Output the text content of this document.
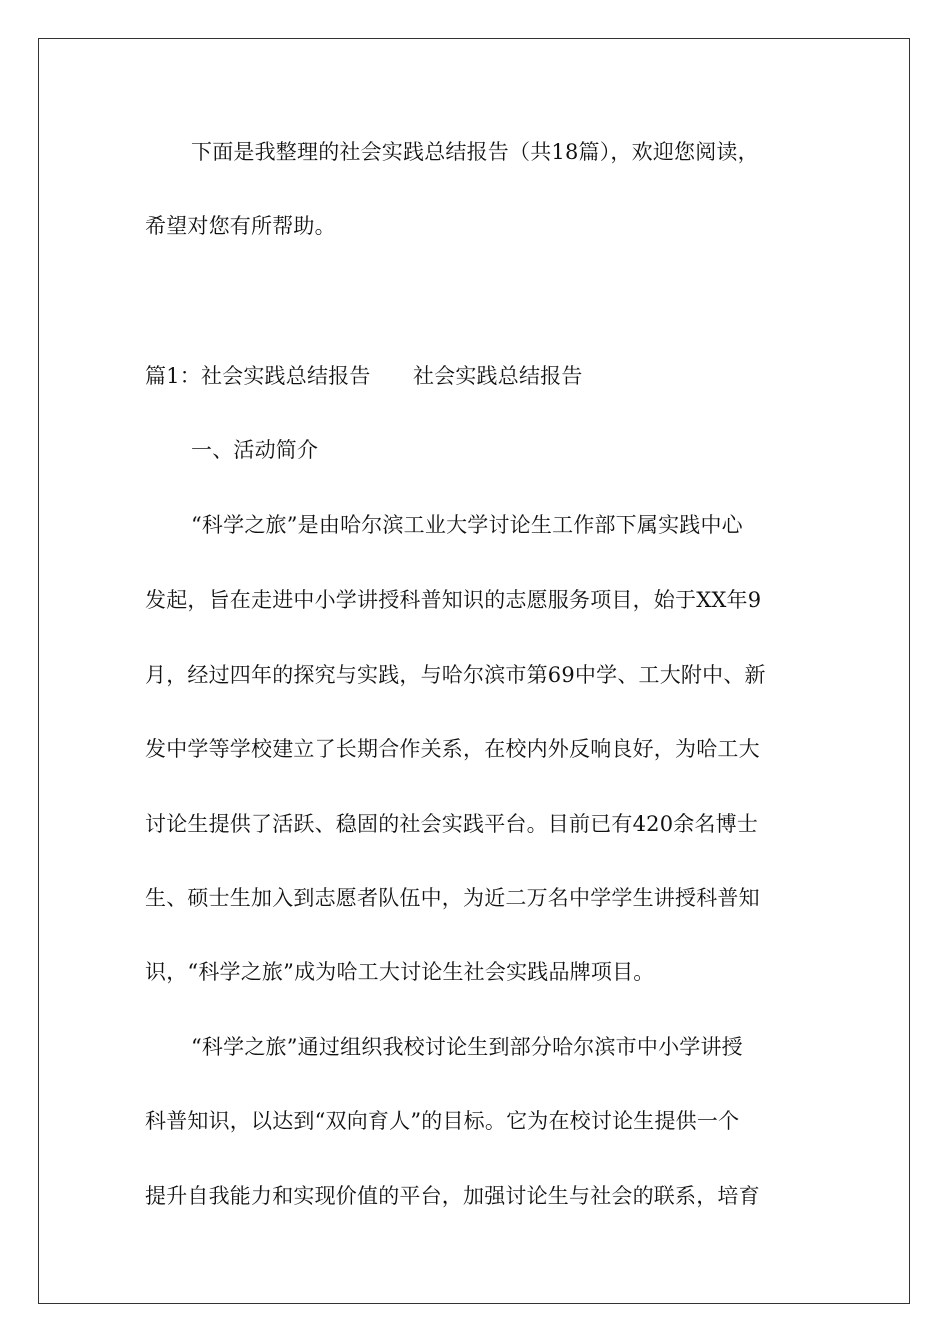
下面是我整理的社会实践总结报告（共18篇），欢迎您阅读，
希望对您有所帮助。
篇1：社会实践总结报告　　社会实践总结报告
一、活动简介
“科学之旅”是由哈尔滨工业大学讨论生工作部下属实践中心
发起，旨在走进中小学讲授科普知识的志愿服务项目，始于XX年9
月，经过四年的探究与实践，与哈尔滨市第69中学、工大附中、新
发中学等学校建立了长期合作关系，在校内外反响良好，为哈工大
讨论生提供了活跃、稳固的社会实践平台。目前已有420余名博士
生、硕士生加入到志愿者队伍中，为近二万名中学学生讲授科普知
识，“科学之旅”成为哈工大讨论生社会实践品牌项目。
“科学之旅”通过组织我校讨论生到部分哈尔滨市中小学讲授
科普知识，以达到“双向育人”的目标。它为在校讨论生提供一个
提升自我能力和实现价值的平台，加强讨论生与社会的联系，培育
